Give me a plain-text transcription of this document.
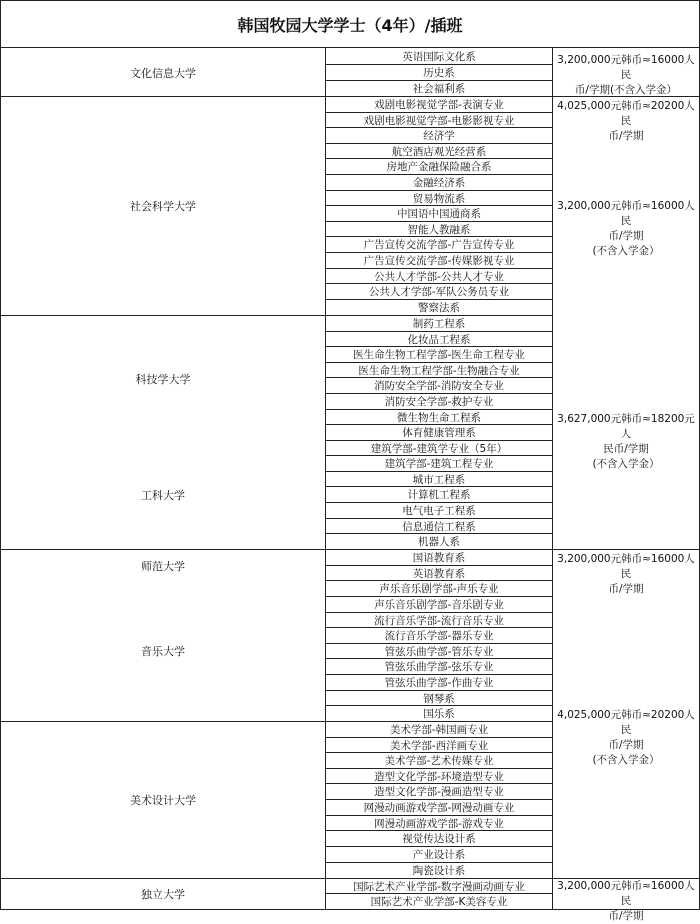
韩国牧园大学学士（4年）/插班
文化信息大学
社会科学大学
科技学大学
工科大学
师范大学
音乐大学
美术设计大学
独立大学
英语国际文化系
历史系
社会福利系
戏剧电影视觉学部-表演专业
戏剧电影视觉学部-电影影视专业
经济学
航空酒店观光经营系
房地产金融保险融合系
金融经济系
贸易物流系
中国语中国通商系
智能人教融系
广告宣传交流学部-广告宣传专业
广告宣传交流学部-传媒影视专业
公共人才学部-公共人才专业
公共人才学部-军队公务员专业
警察法系
制药工程系
化妆品工程系
医生命生物工程学部-医生命工程专业
医生命生物工程学部-生物融合专业
消防安全学部-消防安全专业
消防安全学部-救护专业
微生物生命工程系
体育健康管理系
建筑学部-建筑学专业（5年）
建筑学部-建筑工程专业
城市工程系
计算机工程系
电气电子工程系
信息通信工程系
机器人系
国语教育系
英语教育系
声乐音乐剧学部-声乐专业
声乐音乐剧学部-音乐剧专业
流行音乐学部-流行音乐专业
流行音乐学部-器乐专业
管弦乐曲学部-管乐专业
管弦乐曲学部-弦乐专业
管弦乐曲学部-作曲专业
钢琴系
国乐系
美术学部-韩国画专业
美术学部-西洋画专业
美术学部-艺术传媒专业
造型文化学部-环境造型专业
造型文化学部-漫画造型专业
网漫动画游戏学部-网漫动画专业
网漫动画游戏学部-游戏专业
视觉传达设计系
产业设计系
陶瓷设计系
国际艺术产业学部-数字漫画动画专业
国际艺术产业学部-K美容专业
3,200,000元韩币≈16000人民
币/学期(不含入学金）
4,025,000元韩币≈20200人民
币/学期
3,200,000元韩币≈16000人民
币/学期
(不含入学金）
3,627,000元韩币≈18200元人
民币/学期
(不含入学金）
3,200,000元韩币≈16000人民
币/学期
4,025,000元韩币≈20200人民
币/学期
(不含入学金）
3,200,000元韩币≈16000人民
币/学期
